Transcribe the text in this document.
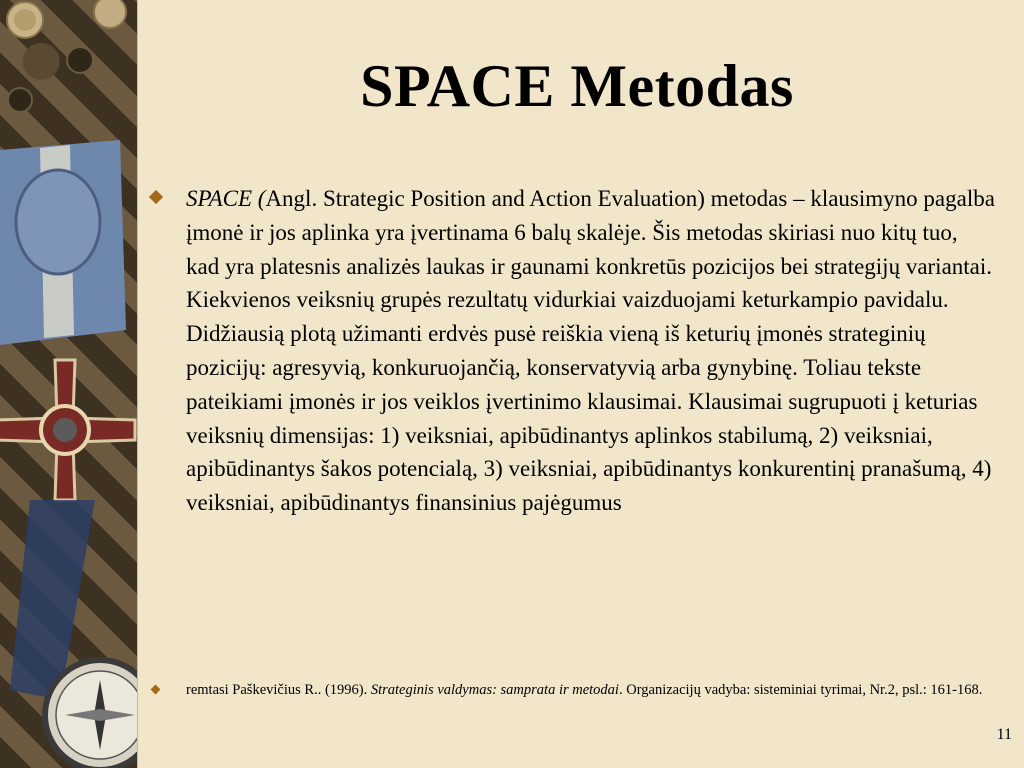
SPACE Metodas
SPACE (Angl. Strategic Position and Action Evaluation) metodas – klausimyno pagalba įmonė ir jos aplinka yra įvertinama 6 balų skalėje. Šis metodas skiriasi nuo kitų tuo, kad yra platesnis analizės laukas ir gaunami konkretūs pozicijos bei strategijų variantai. Kiekvienos veiksnių grupės rezultatų vidurkiai vaizduojami keturkampio pavidalu. Didžiausią plotą užimanti erdvės pusė reiškia vieną iš keturių įmonės strateginių pozicijų: agresyvią, konkuruojančią, konservatyvią arba gynybinę. Toliau tekste pateikiami įmonės ir jos veiklos įvertinimo klausimai. Klausimai sugrupuoti į keturias veiksnių dimensijas: 1) veiksniai, apibūdinantys aplinkos stabilumą, 2) veiksniai, apibūdinantys šakos potencialą, 3) veiksniai, apibūdinantys konkurentinį pranašumą, 4) veiksniai, apibūdinantys finansinius pajėgumus
remtasi Paškevičius R.. (1996). Strateginis valdymas: samprata ir metodai. Organizacijų vadyba: sisteminiai tyrimai, Nr.2, psl.: 161-168.
11
